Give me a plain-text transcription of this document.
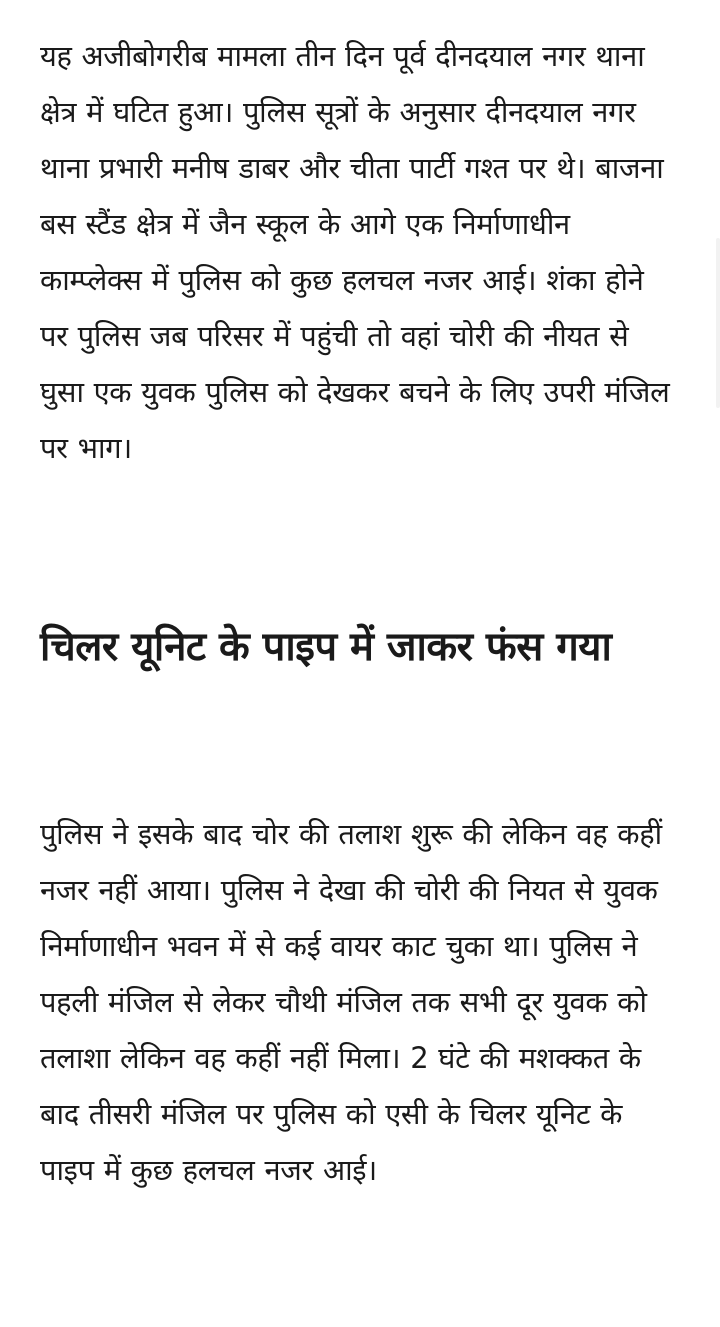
यह अजीबोगरीब मामला तीन दिन पूर्व दीनदयाल नगर थाना क्षेत्र में घटित हुआ। पुलिस सूत्रों के अनुसार दीनदयाल नगर थाना प्रभारी मनीष डाबर और चीता पार्टी गश्त पर थे। बाजना बस स्टैंड क्षेत्र में जैन स्कूल के आगे एक निर्माणाधीन काम्प्लेक्स में पुलिस को कुछ हलचल नजर आई। शंका होने पर पुलिस जब परिसर में पहुंची तो वहां चोरी की नीयत से घुसा एक युवक पुलिस को देखकर बचने के लिए उपरी मंजिल पर भाग।

चिलर यूनिट के पाइप में जाकर फंस गया

पुलिस ने इसके बाद चोर की तलाश शुरू की लेकिन वह कहीं नजर नहीं आया। पुलिस ने देखा की चोरी की नियत से युवक निर्माणाधीन भवन में से कई वायर काट चुका था। पुलिस ने पहली मंजिल से लेकर चौथी मंजिल तक सभी दूर युवक को तलाशा लेकिन वह कहीं नहीं मिला। 2 घंटे की मशक्कत के बाद तीसरी मंजिल पर पुलिस को एसी के चिलर यूनिट के पाइप में कुछ हलचल नजर आई।
